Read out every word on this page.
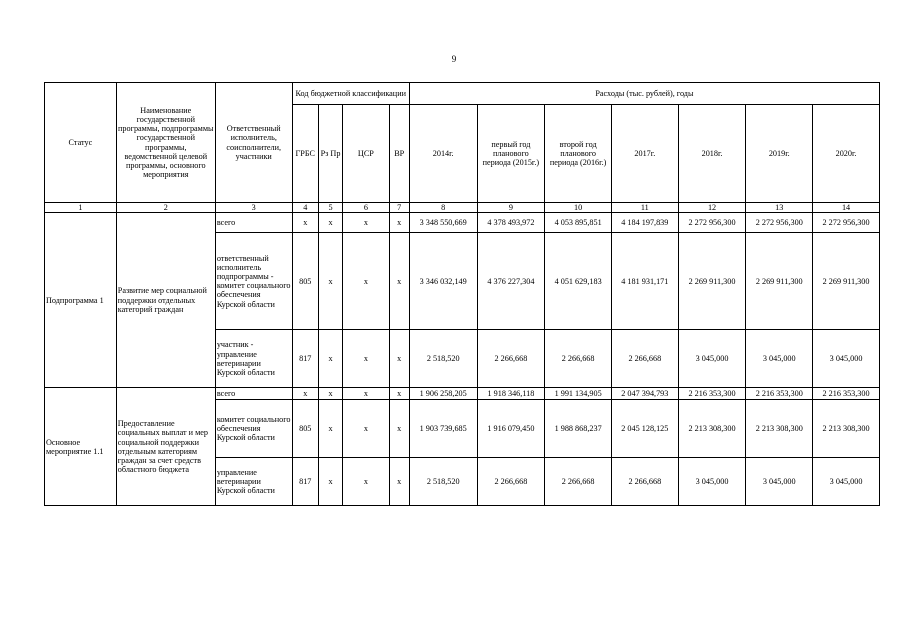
9
Статус	Наименование государственной программы, подпрограммы государственной программы, ведомственной целевой программы, основного мероприятия	Ответственный исполнитель, соисполнители, участники	Код бюджетной классификации				Расходы (тыс. рублей), годы						
			ГРБС	Рз Пр	ЦСР	ВР	2014г.	первый год планового периода (2015г.)	второй год планового периода (2016г.)	2017г.	2018г.	2019г.	2020г.
1	2	3	4	5	6	7	8	9	10	11	12	13	14
Подпрограмма 1	Развитие мер социальной поддержки отдельных категорий граждан	всего	х	х	х	х	3 348 550,669	4 378 493,972	4 053 895,851	4 184 197,839	2 272 956,300	2 272 956,300	2 272 956,300
		ответственный исполнитель подпрограммы - комитет социального обеспечения Курской области	805	х	х	х	3 346 032,149	4 376 227,304	4 051 629,183	4 181 931,171	2 269 911,300	2 269 911,300	2 269 911,300
		участник - управление ветеринарии Курской области	817	х	х	х	2 518,520	2 266,668	2 266,668	2 266,668	3 045,000	3 045,000	3 045,000
Основное мероприятие 1.1	Предоставление социальных выплат и мер социальной поддержки отдельным категориям граждан за счет средств областного бюджета	всего	х	х	х	х	1 906 258,205	1 918 346,118	1 991 134,905	2 047 394,793	2 216 353,300	2 216 353,300	2 216 353,300
		комитет социального обеспечения Курской области	805	х	х	х	1 903 739,685	1 916 079,450	1 988 868,237	2 045 128,125	2 213 308,300	2 213 308,300	2 213 308,300
		управление ветеринарии Курской области	817	х	х	х	2 518,520	2 266,668	2 266,668	2 266,668	3 045,000	3 045,000	3 045,000
